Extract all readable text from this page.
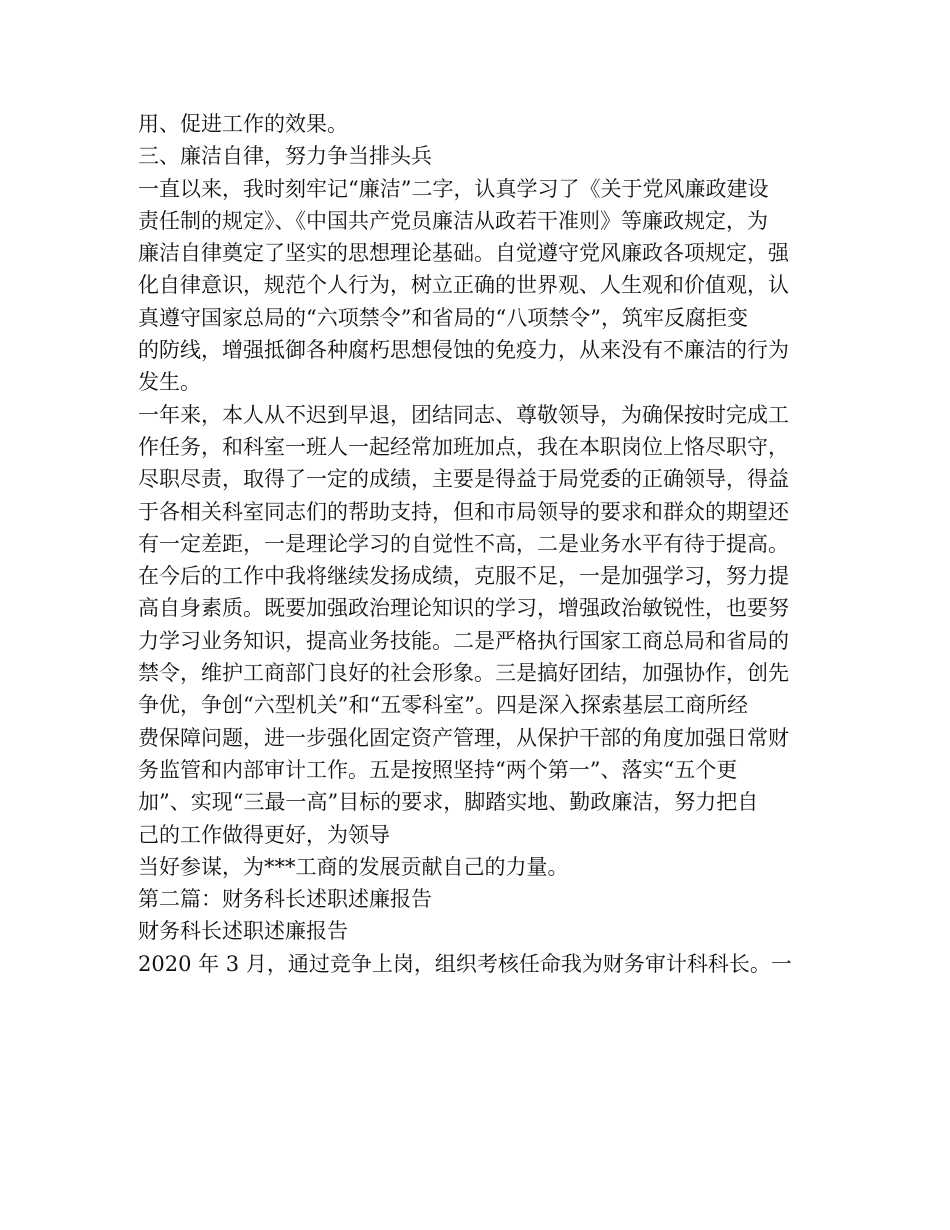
用、促进工作的效果。
三、廉洁自律，努力争当排头兵
一直以来，我时刻牢记“廉洁”二字，认真学习了《关于党风廉政建设
责任制的规定》、《中国共产党员廉洁从政若干准则》等廉政规定，为
廉洁自律奠定了坚实的思想理论基础。自觉遵守党风廉政各项规定，强
化自律意识，规范个人行为，树立正确的世界观、人生观和价值观，认
真遵守国家总局的“六项禁令”和省局的“八项禁令”，筑牢反腐拒变
的防线，增强抵御各种腐朽思想侵蚀的免疫力，从来没有不廉洁的行为
发生。
一年来，本人从不迟到早退，团结同志、尊敬领导，为确保按时完成工
作任务，和科室一班人一起经常加班加点，我在本职岗位上恪尽职守，
尽职尽责，取得了一定的成绩，主要是得益于局党委的正确领导，得益
于各相关科室同志们的帮助支持，但和市局领导的要求和群众的期望还
有一定差距，一是理论学习的自觉性不高，二是业务水平有待于提高。
在今后的工作中我将继续发扬成绩，克服不足，一是加强学习，努力提
高自身素质。既要加强政治理论知识的学习，增强政治敏锐性，也要努
力学习业务知识，提高业务技能。二是严格执行国家工商总局和省局的
禁令，维护工商部门良好的社会形象。三是搞好团结，加强协作，创先
争优，争创“六型机关”和“五零科室”。四是深入探索基层工商所经
费保障问题，进一步强化固定资产管理，从保护干部的角度加强日常财
务监管和内部审计工作。五是按照坚持“两个第一”、落实“五个更
加”、实现“三最一高”目标的要求，脚踏实地、勤政廉洁，努力把自
己的工作做得更好，为领导
当好参谋，为***工商的发展贡献自己的力量。
第二篇：财务科长述职述廉报告
财务科长述职述廉报告
2020 年 3 月，通过竞争上岗，组织考核任命我为财务审计科科长。一
